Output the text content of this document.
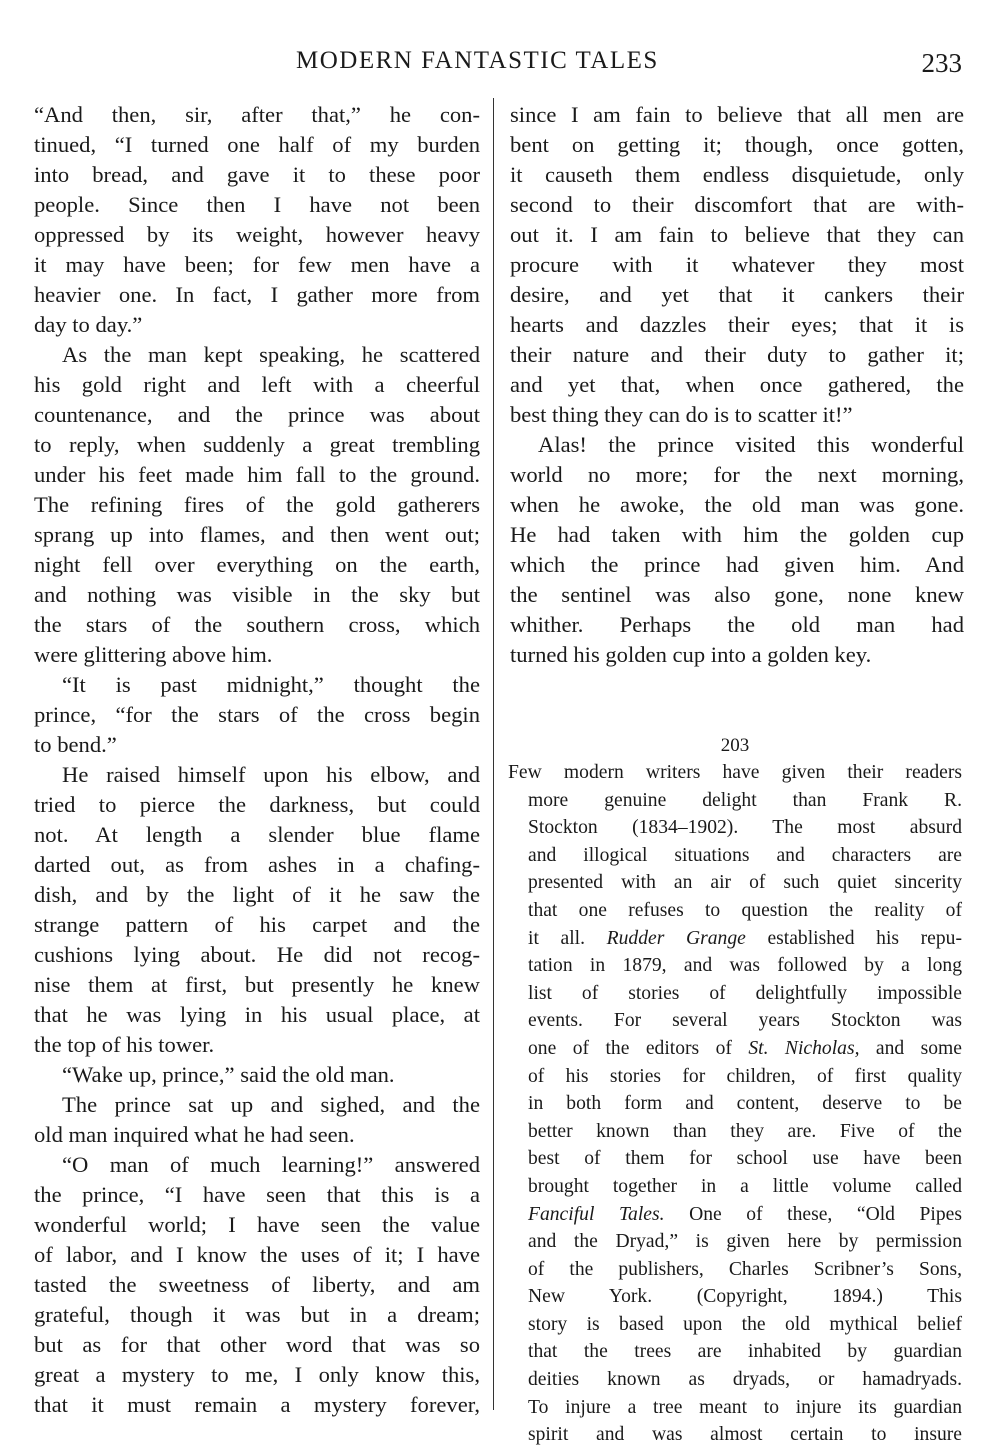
MODERN FANTASTIC TALES	233
“And then, sir, after that,” he con-
tinued, “I turned one half of my burden
into bread, and gave it to these poor
people. Since then I have not been
oppressed by its weight, however heavy
it may have been; for few men have a
heavier one. In fact, I gather more from
day to day.”
As the man kept speaking, he scattered
his gold right and left with a cheerful
countenance, and the prince was about
to reply, when suddenly a great trembling
under his feet made him fall to the ground.
The refining fires of the gold gatherers
sprang up into flames, and then went out;
night fell over everything on the earth,
and nothing was visible in the sky but
the stars of the southern cross, which
were glittering above him.
“It is past midnight,” thought the
prince, “for the stars of the cross begin
to bend.”
He raised himself upon his elbow, and
tried to pierce the darkness, but could
not. At length a slender blue flame
darted out, as from ashes in a chafing-
dish, and by the light of it he saw the
strange pattern of his carpet and the
cushions lying about. He did not recog-
nise them at first, but presently he knew
that he was lying in his usual place, at
the top of his tower.
“Wake up, prince,” said the old man.
The prince sat up and sighed, and the
old man inquired what he had seen.
“O man of much learning!” answered
the prince, “I have seen that this is a
wonderful world; I have seen the value
of labor, and I know the uses of it; I have
tasted the sweetness of liberty, and am
grateful, though it was but in a dream;
but as for that other word that was so
great a mystery to me, I only know this,
that it must remain a mystery forever,
since I am fain to believe that all men are
bent on getting it; though, once gotten,
it causeth them endless disquietude, only
second to their discomfort that are with-
out it. I am fain to believe that they can
procure with it whatever they most
desire, and yet that it cankers their
hearts and dazzles their eyes; that it is
their nature and their duty to gather it;
and yet that, when once gathered, the
best thing they can do is to scatter it!”
Alas! the prince visited this wonderful
world no more; for the next morning,
when he awoke, the old man was gone.
He had taken with him the golden cup
which the prince had given him. And
the sentinel was also gone, none knew
whither. Perhaps the old man had
turned his golden cup into a golden key.
203
Few modern writers have given their readers
more genuine delight than Frank R.
Stockton (1834–1902). The most absurd
and illogical situations and characters are
presented with an air of such quiet sincerity
that one refuses to question the reality of
it all. Rudder Grange established his repu-
tation in 1879, and was followed by a long
list of stories of delightfully impossible
events. For several years Stockton was
one of the editors of St. Nicholas, and some
of his stories for children, of first quality
in both form and content, deserve to be
better known than they are. Five of the
best of them for school use have been
brought together in a little volume called
Fanciful Tales. One of these, “Old Pipes
and the Dryad,” is given here by permission
of the publishers, Charles Scribner’s Sons,
New York. (Copyright, 1894.) This
story is based upon the old mythical belief
that the trees are inhabited by guardian
deities known as dryads, or hamadryads.
To injure a tree meant to injure its guardian
spirit and was almost certain to insure
